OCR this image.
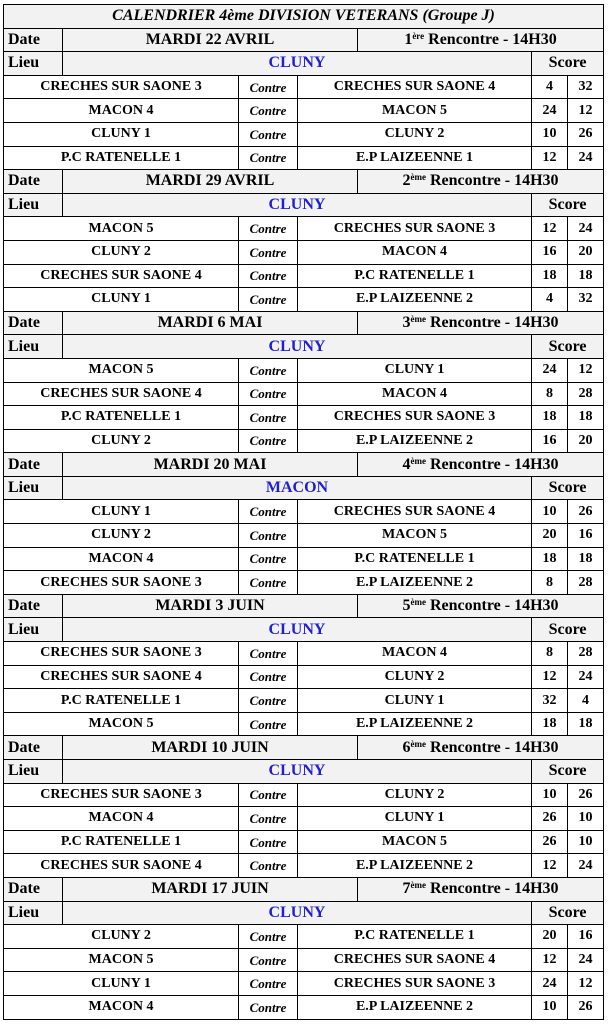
CALENDRIER 4ème DIVISION VETERANS (Groupe J)						
Date	MARDI 22 AVRIL			1ère Rencontre - 14H30		
Lieu	CLUNY				Score	
CRECHES SUR SAONE 3		Contre	CRECHES SUR SAONE 4		4	32
MACON 4		Contre	MACON 5		24	12
CLUNY 1		Contre	CLUNY 2		10	26
P.C RATENELLE 1		Contre	E.P LAIZEENNE 1		12	24
Date	MARDI 29 AVRIL			2ème Rencontre - 14H30		
Lieu	CLUNY				Score	
MACON 5		Contre	CRECHES SUR SAONE 3		12	24
CLUNY 2		Contre	MACON 4		16	20
CRECHES SUR SAONE 4		Contre	P.C RATENELLE 1		18	18
CLUNY 1		Contre	E.P LAIZEENNE 2		4	32
Date	MARDI 6 MAI			3ème Rencontre - 14H30		
Lieu	CLUNY				Score	
MACON 5		Contre	CLUNY 1		24	12
CRECHES SUR SAONE 4		Contre	MACON 4		8	28
P.C RATENELLE 1		Contre	CRECHES SUR SAONE 3		18	18
CLUNY 2		Contre	E.P LAIZEENNE 2		16	20
Date	MARDI 20 MAI			4ème Rencontre - 14H30		
Lieu	MACON				Score	
CLUNY 1		Contre	CRECHES SUR SAONE 4		10	26
CLUNY 2		Contre	MACON 5		20	16
MACON 4		Contre	P.C RATENELLE 1		18	18
CRECHES SUR SAONE 3		Contre	E.P LAIZEENNE 2		8	28
Date	MARDI 3 JUIN			5ème Rencontre - 14H30		
Lieu	CLUNY				Score	
CRECHES SUR SAONE 3		Contre	MACON 4		8	28
CRECHES SUR SAONE 4		Contre	CLUNY 2		12	24
P.C RATENELLE 1		Contre	CLUNY 1		32	4
MACON 5		Contre	E.P LAIZEENNE 2		18	18
Date	MARDI 10 JUIN			6ème Rencontre - 14H30		
Lieu	CLUNY				Score	
CRECHES SUR SAONE 3		Contre	CLUNY 2		10	26
MACON 4		Contre	CLUNY 1		26	10
P.C RATENELLE 1		Contre	MACON 5		26	10
CRECHES SUR SAONE 4		Contre	E.P LAIZEENNE 2		12	24
Date	MARDI 17 JUIN			7ème Rencontre - 14H30		
Lieu	CLUNY				Score	
CLUNY 2		Contre	P.C RATENELLE 1		20	16
MACON 5		Contre	CRECHES SUR SAONE 4		12	24
CLUNY 1		Contre	CRECHES SUR SAONE 3		24	12
MACON 4		Contre	E.P LAIZEENNE 2		10	26
